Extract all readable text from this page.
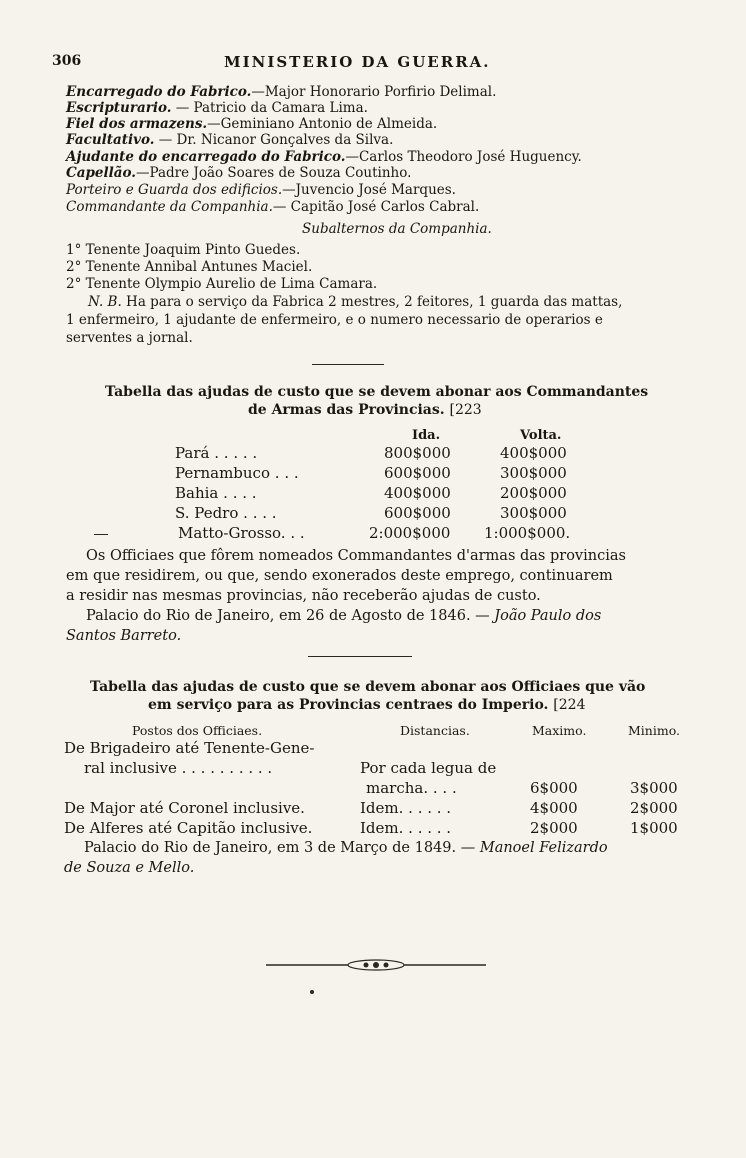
306	MINISTERIO DA GUERRA.
Encarregado do Fabrico.—Major Honorario Porfirio Delimal.
Escripturario. — Patricio da Camara Lima.
Fiel dos armazens.—Geminiano Antonio de Almeida.
Facultativo. — Dr. Nicanor Gonçalves da Silva.
Ajudante do encarregado do Fabrico.—Carlos Theodoro José Huguency.
Capellão.—Padre João Soares de Souza Coutinho.
Porteiro e Guarda dos edificios.—Juvencio José Marques.
Commandante da Companhia.— Capitão José Carlos Cabral.
Subalternos da Companhia.
1° Tenente Joaquim Pinto Guedes.
2° Tenente Annibal Antunes Maciel.
2° Tenente Olympio Aurelio de Lima Camara.
N. B. Ha para o serviço da Fabrica 2 mestres, 2 feitores, 1 guarda das mattas,
1 enfermeiro, 1 ajudante de enfermeiro, e o numero necessario de operarios e
serventes a jornal.
Tabella das ajudas de custo que se devem abonar aos Commandantes
de Armas das Provincias. [223
Ida.	Volta.
Pará . . . . .	800$000	400$000
Pernambuco . . .	600$000	300$000
Bahia . . . .	400$000	200$000
S. Pedro . . . .	600$000	300$000
Matto-Grosso. . .	2:000$000 1:000$000.
Os Officiaes que fôrem nomeados Commandantes d'armas das provincias
em que residirem, ou que, sendo exonerados deste emprego, continuarem
a residir nas mesmas provincias, não receberão ajudas de custo.
Palacio do Rio de Janeiro, em 26 de Agosto de 1846. — João Paulo dos
Santos Barreto.
Tabella das ajudas de custo que se devem abonar aos Officiaes que vão
em serviço para as Provincias centraes do Imperio. [224
Postos dos Officiaes.	Distancias.	Maximo.	Minimo.
De Brigadeiro até Tenente-Gene-
ral inclusive . . . . . . . . . .	Por cada legua de
marcha. . . .	6$000	3$000
De Major até Coronel inclusive.	Idem. . . . . .	4$000	2$000
De Alferes até Capitão inclusive.	Idem. . . . . .	2$000	1$000
Palacio do Rio de Janeiro, em 3 de Março de 1849. — Manoel Felizardo
de Souza e Mello.
